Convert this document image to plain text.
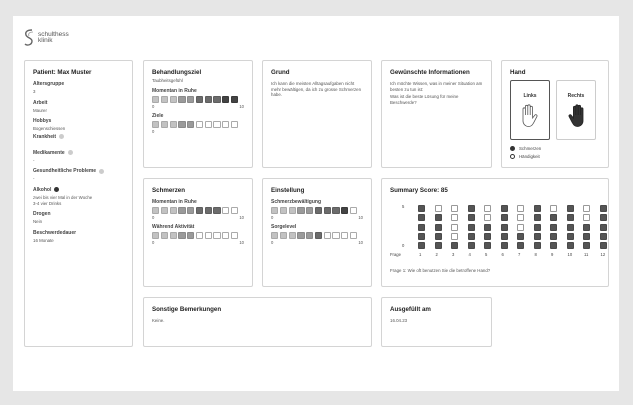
schulthess
klinik
Patient: Max Muster
Altersgruppe
3
Arbeit
Maurer
Hobbys
Bogenschiessen
Krankheit
Medikamente
-
Gesundheitliche Probleme
-
Alkohol
zwei bis vier Mal in der Woche
3-4 vier Drinks
Drogen
Nein
Beschwerdedauer
16 Monate
Behandlungsziel
Taubheitsgefühl
Momentan in Ruhe
0	10
Ziele
0
Grund
Ich kann die meisten Alltagsaufgaben nicht mehr bewältigen, da ich zu grosse Schmerzen habe.
Gewünschte Informationen
Ich möchte Wissen, was in meiner Situation am besten zu tun ist:
Was ist die beste Lösung für meine Beschwerde?
Hand
Links	Rechts
Schmerzen
Händigkeit
Schmerzen
Momentan in Ruhe
0	10
Während Aktivität
0	10
Einstellung
Schmerzbewältigung
0	10
Sorgelevel
0	10
Summary Score: 85
5
0
Frage	1	2	3	4	5	6	7	8	9	10	11	12
Frage 1: Wie oft benutzen Sie die betroffene Hand?
Sonstige Bemerkungen
Keine.
Ausgefüllt am
16.04.23
